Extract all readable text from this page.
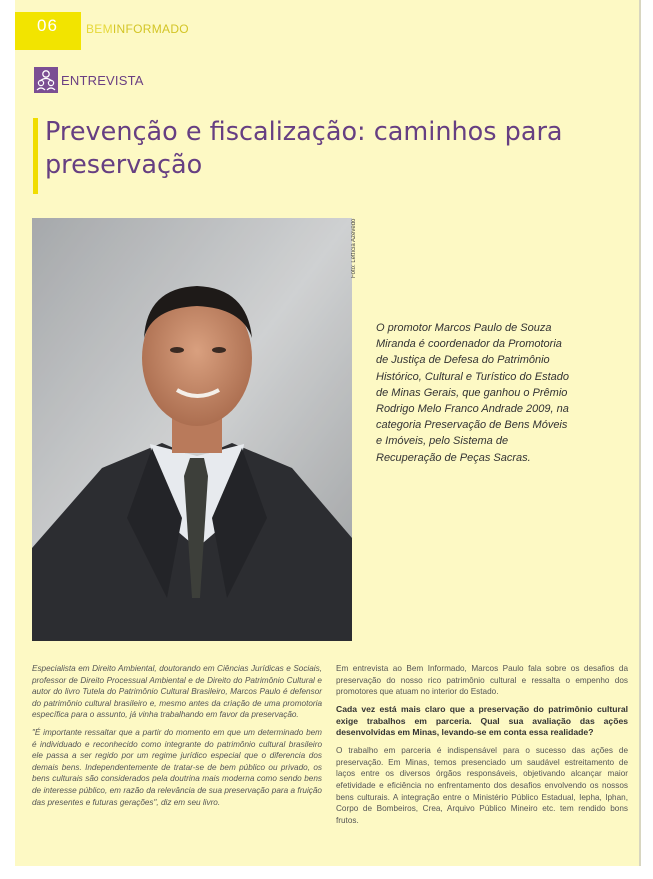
06	BEMINFORMADO
ENTREVISTA
Prevenção e fiscalização: caminhos para preservação
Foto: Lettícia Azevedo
O promotor Marcos Paulo de Souza Miranda é coordenador da Promotoria de Justiça de Defesa do Patrimônio Histórico, Cultural e Turístico do Estado de Minas Gerais, que ganhou o Prêmio Rodrigo Melo Franco Andrade 2009, na categoria Preservação de Bens Móveis e Imóveis, pelo Sistema de Recuperação de Peças Sacras.

Especialista em Direito Ambiental, doutorando em Ciências Jurídicas e Sociais, professor de Direito Processual Ambiental e de Direito do Patrimônio Cultural e autor do livro Tutela do Patrimônio Cultural Brasileiro, Marcos Paulo é defensor do patrimônio cultural brasileiro e, mesmo antes da criação de uma promotoria específica para o assunto, já vinha trabalhando em favor da preservação.

"É importante ressaltar que a partir do momento em que um determinado bem é individuado e reconhecido como integrante do patrimônio cultural brasileiro ele passa a ser regido por um regime jurídico especial que o diferencia dos demais bens. Independentemente de tratar-se de bem público ou privado, os bens culturais são considerados pela doutrina mais moderna como sendo bens de interesse público, em razão da relevância de sua preservação para a fruição das presentes e futuras gerações", diz em seu livro.

Em entrevista ao Bem Informado, Marcos Paulo fala sobre os desafios da preservação do nosso rico patrimônio cultural e ressalta o empenho dos promotores que atuam no interior do Estado.

Cada vez está mais claro que a preservação do patrimônio cultural exige trabalhos em parceria. Qual sua avaliação das ações desenvolvidas em Minas, levando-se em conta essa realidade?

O trabalho em parceria é indispensável para o sucesso das ações de preservação. Em Minas, temos presenciado um saudável estreitamento de laços entre os diversos órgãos responsáveis, objetivando alcançar maior efetividade e eficiência no enfrentamento dos desafios envolvendo os nossos bens culturais. A integração entre o Ministério Público Estadual, Iepha, Iphan, Corpo de Bombeiros, Crea, Arquivo Público Mineiro etc. tem rendido bons frutos.
